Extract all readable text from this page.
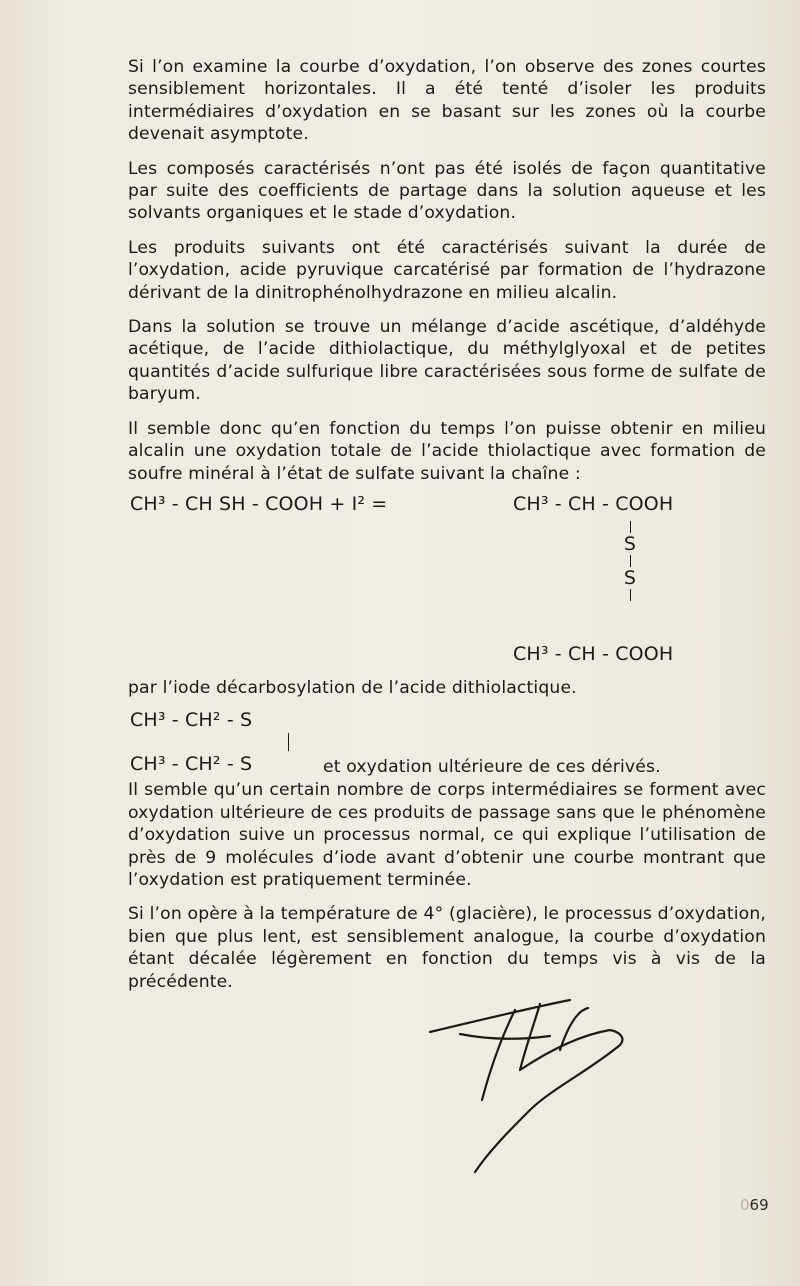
Si l’on examine la courbe d’oxydation, l’on observe des zones courtes sensiblement horizontales. Il a été tenté d’isoler les produits intermédiaires d’oxydation en se basant sur les zones où la courbe devenait asymptote.

Les composés caractérisés n’ont pas été isolés de façon quantitative par suite des coefficients de partage dans la solution aqueuse et les solvants organiques et le stade d’oxydation.

Les produits suivants ont été caractérisés suivant la durée de l’oxydation, acide pyruvique carcatérisé par formation de l’hydrazone dérivant de la dinitrophénolhydrazone en milieu alcalin.

Dans la solution se trouve un mélange d’acide ascétique, d’aldéhyde acétique, de l’acide dithiolactique, du méthylglyoxal et de petites quantités d’acide sulfurique libre caractérisées sous forme de sulfate de baryum.

Il semble donc qu’en fonction du temps l’on puisse obtenir en milieu alcalin une oxydation totale de l’acide thiolactique avec formation de soufre minéral à l’état de sulfate suivant la chaîne :

CH³ - CH SH - COOH + I² =	CH³ - CH - COOH
S
S
CH³ - CH - COOH

par l’iode décarbosylation de l’acide dithiolactique.

CH³ - CH² - S
CH³ - CH² - S	et oxydation ultérieure de ces dérivés.

Il semble qu’un certain nombre de corps intermédiaires se forment avec oxydation ultérieure de ces produits de passage sans que le phénomène d’oxydation suive un processus normal, ce qui explique l’utilisation de près de 9 molécules d’iode avant d’obtenir une courbe montrant que l’oxydation est pratiquement terminée.

Si l’on opère à la température de 4° (glacière), le processus d’oxydation, bien que plus lent, est sensiblement analogue, la courbe d’oxydation étant décalée légèrement en fonction du temps vis à vis de la précédente.

069
